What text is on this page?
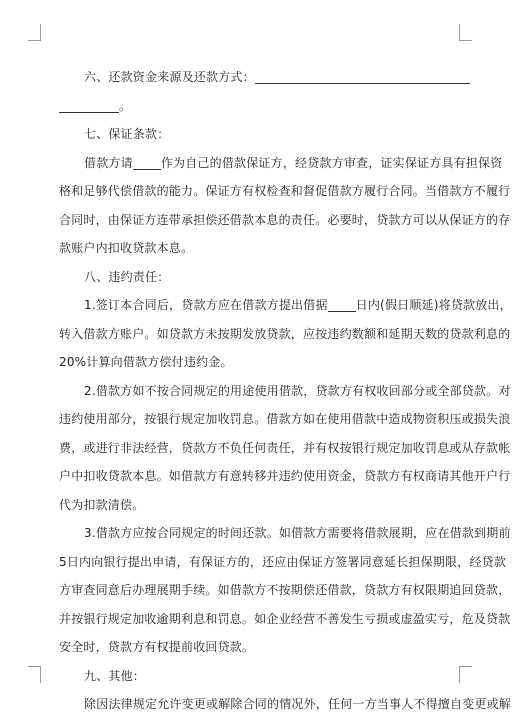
六、还款资金来源及还款方式：
。
七、保证条款：
借款方请 作为自己的借款保证方，经贷款方审查，证实保证方具有担保资
格和足够代偿借款的能力。保证方有权检查和督促借款方履行合同。当借款方不履行
合同时，由保证方连带承担偿还借款本息的责任。必要时，贷款方可以从保证方的存
款账户内扣收贷款本息。
八、违约责任：
1.签订本合同后，贷款方应在借款方提出借据 日内(假日顺延)将贷款放出，
转入借款方账户。如贷款方未按期发放贷款，应按违约数额和延期天数的贷款利息的
20%计算向借款方偿付违约金。
2.借款方如不按合同规定的用途使用借款，贷款方有权收回部分或全部贷款。对
违约使用部分，按银行规定加收罚息。借款方如在使用借款中造成物资积压或损失浪
费，或进行非法经营，贷款方不负任何责任，并有权按银行规定加收罚息或从存款帐
户中扣收贷款本息。如借款方有意转移并违约使用资金，贷款方有权商请其他开户行
代为扣款清偿。
3.借款方应按合同规定的时间还款。如借款方需要将借款展期，应在借款到期前
5日内向银行提出申请，有保证方的，还应由保证方签署同意延长担保期限，经贷款
方审查同意后办理展期手续。如借款方不按期偿还借款，贷款方有权限期追回贷款，
并按银行规定加收逾期利息和罚息。如企业经营不善发生亏损或虚盈实亏，危及贷款
安全时，贷款方有权提前收回贷款。
九、其他：
除因法律规定允许变更或解除合同的情况外，任何一方当事人不得擅自变更或解
